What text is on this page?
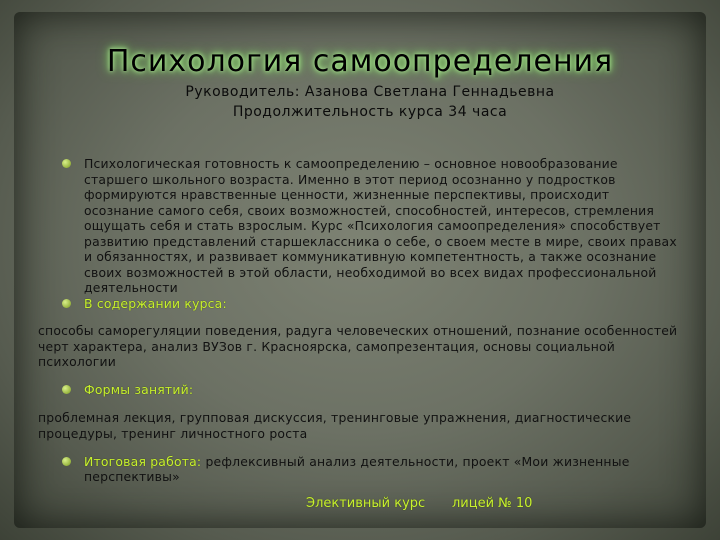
Психология самоопределения
Руководитель: Азанова Светлана Геннадьевна
Продолжительность курса 34 часа

Психологическая готовность к самоопределению – основное новообразование старшего школьного возраста. Именно в этот период осознанно у подростков формируются нравственные ценности, жизненные перспективы, происходит осознание самого себя, своих возможностей, способностей, интересов, стремления ощущать себя и стать взрослым. Курс «Психология самоопределения» способствует развитию представлений старшеклассника о себе, о своем месте в мире, своих правах и обязанностях, и развивает коммуникативную компетентность, а также осознание своих возможностей в этой области, необходимой во всех видах профессиональной деятельности

В содержании курса:

способы саморегуляции поведения, радуга человеческих отношений, познание особенностей черт характера, анализ ВУЗов г. Красноярска, самопрезентация, основы социальной психологии

Формы занятий:

проблемная лекция, групповая дискуссия, тренинговые упражнения, диагностические процедуры, тренинг личностного роста

Итоговая работа: рефлексивный анализ деятельности, проект «Мои жизненные перспективы»

Элективный курс лицей № 10
